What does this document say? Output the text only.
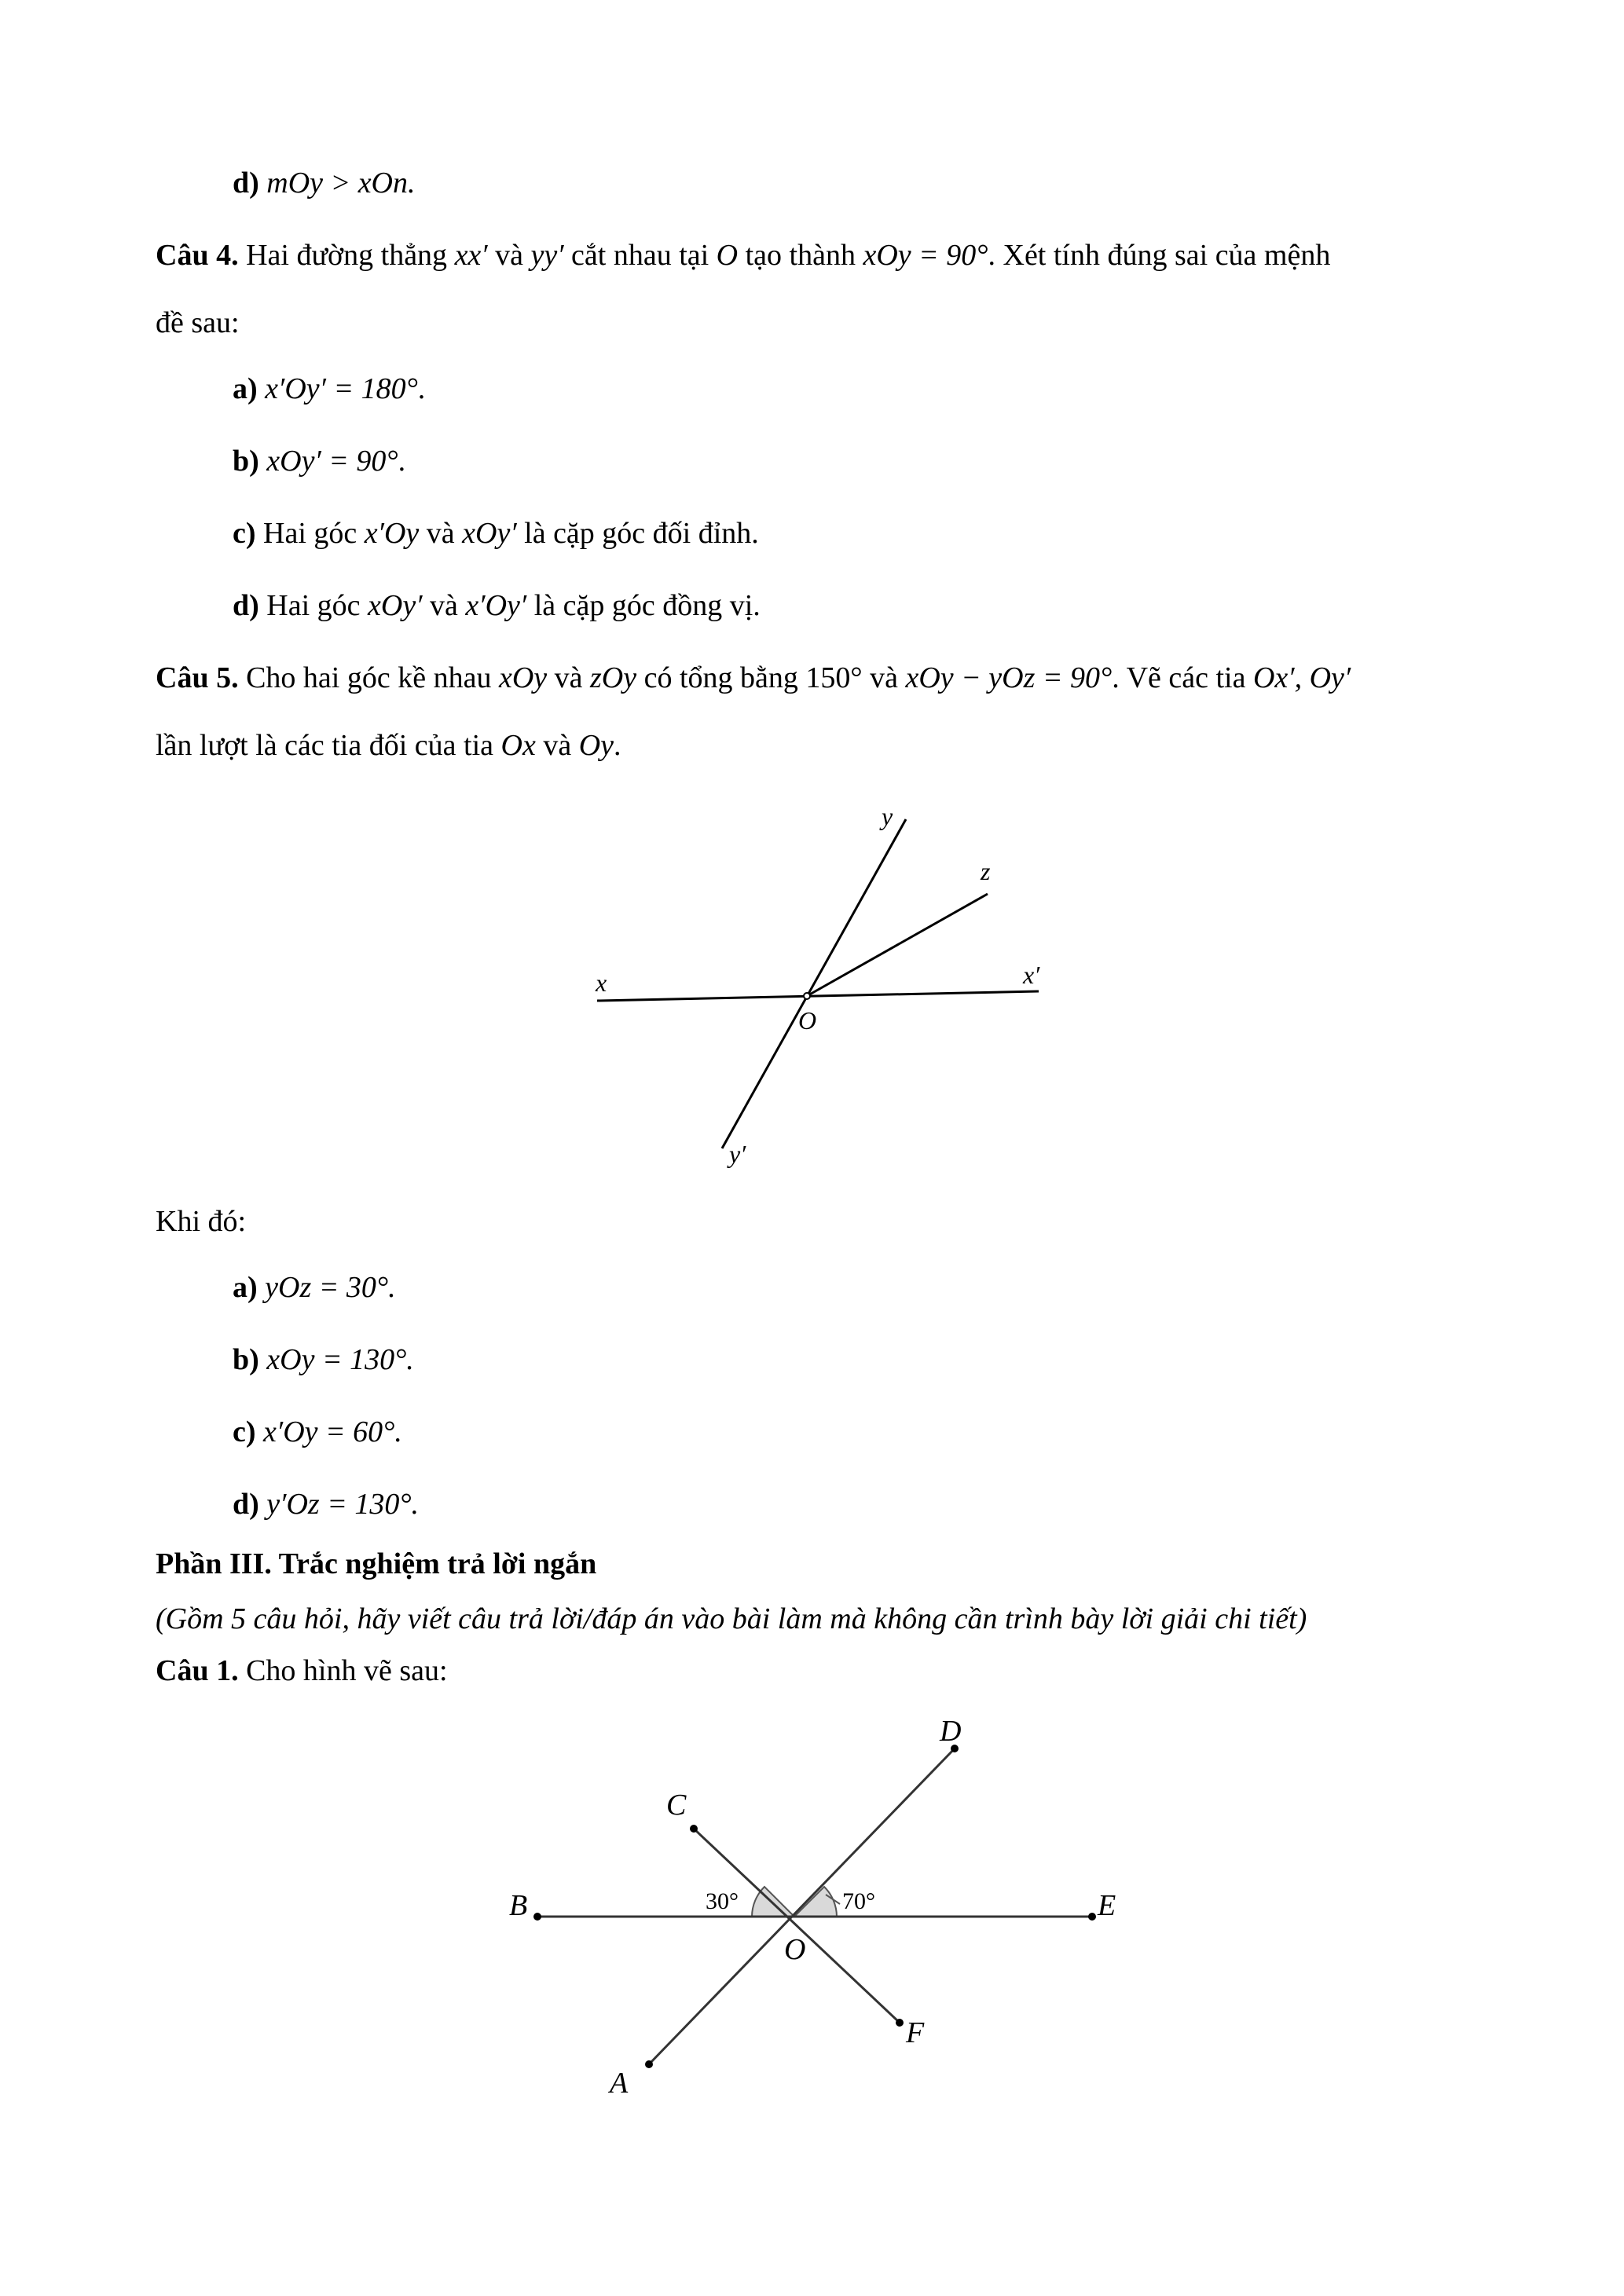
d) mOy > xOn.
Câu 4. Hai đường thẳng xx′ và yy′ cắt nhau tại O tạo thành xOy = 90°. Xét tính đúng sai của mệnh
đề sau:
a) x′Oy′ = 180°.
b) xOy′ = 90°.
c) Hai góc x′Oy và xOy′ là cặp góc đối đỉnh.
d) Hai góc xOy′ và x′Oy′ là cặp góc đồng vị.
Câu 5. Cho hai góc kề nhau xOy và zOy có tổng bằng 150° và xOy − yOz = 90°. Vẽ các tia Ox′, Oy′
lần lượt là các tia đối của tia Ox và Oy.
y
z
x	x′
O
y′
Khi đó:
a) yOz = 30°.
b) xOy = 130°.
c) x′Oy = 60°.
d) y′Oz = 130°.
Phần III. Trắc nghiệm trả lời ngắn
(Gồm 5 câu hỏi, hãy viết câu trả lời/đáp án vào bài làm mà không cần trình bày lời giải chi tiết)
Câu 1. Cho hình vẽ sau:
D
C
B	E
O
F
A
30°	70°
